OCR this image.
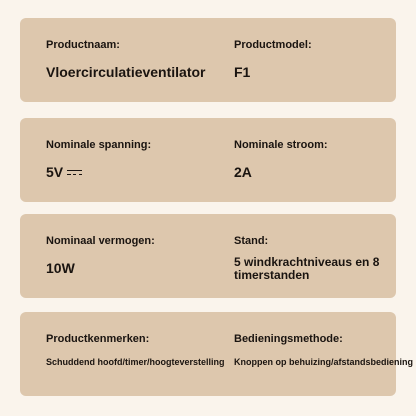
Productnaam:
Vloercirculatieventilator
Productmodel:
F1
Nominale spanning:
5V
Nominale stroom:
2A
Nominaal vermogen:
10W
Stand:
5 windkrachtniveaus en 8 timerstanden
Productkenmerken:
Schuddend hoofd/timer/hoogteverstelling
Bedieningsmethode:
Knoppen op behuizing/afstandsbediening
